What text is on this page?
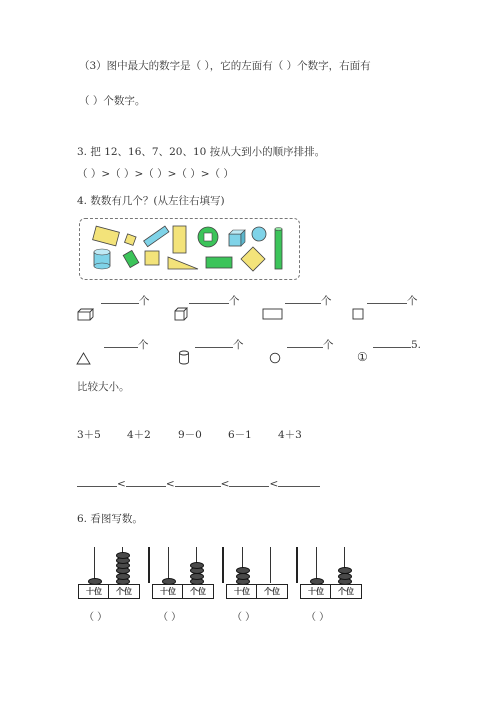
（3）图中最大的数字是（ ），它的左面有（ ）个数字，右面有
（ ）个数字。
3. 把 12、16、7、20、10 按从大到小的顺序排排。
（ ）>（ ）>（ ）>（ ）>（ ）
4. 数数有几个？(从左往右填写)
个	个	个	个
个	个	个	5.
①
比较大小。
3＋5 4＋2	9－0 6－1 4＋3
<	<	<	<
6. 看图写数。
十位	个位
（ ）
十位	个位
（ ）
十位	个位
（ ）
十位	个位
（ ）
